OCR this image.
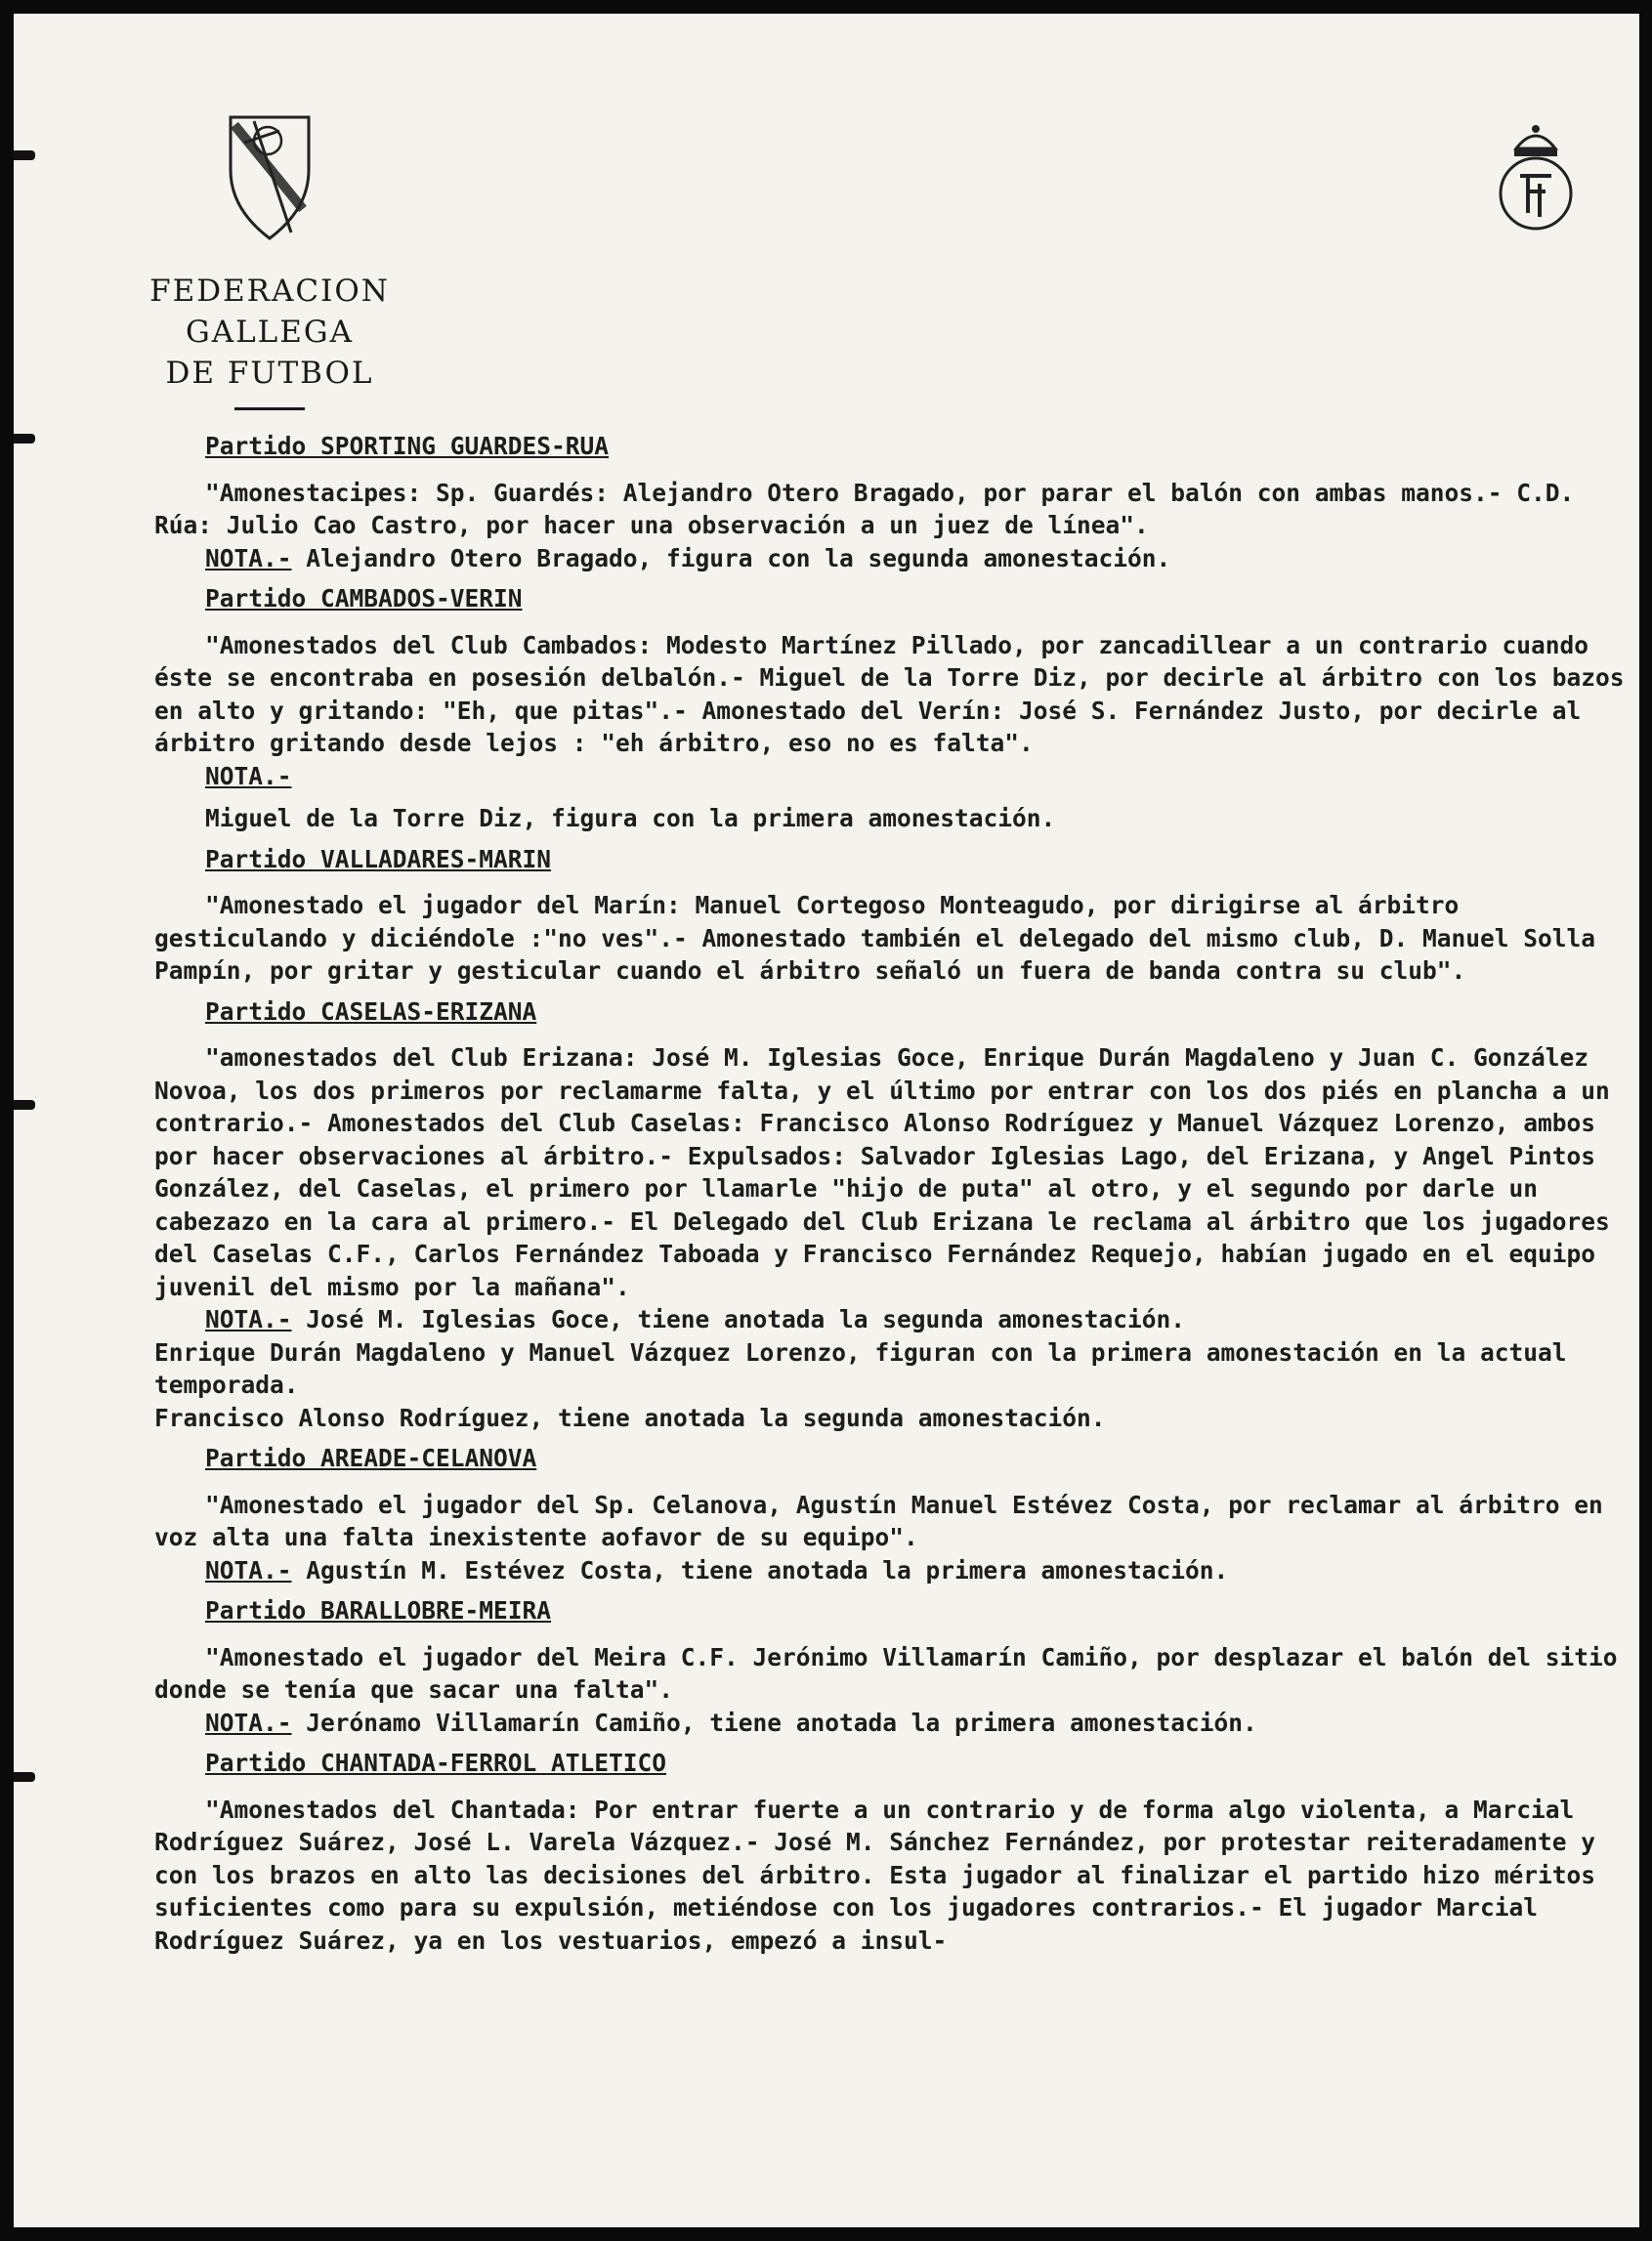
FEDERACION GALLEGA
DE FUTBOL
Partido SPORTING GUARDES-RUA
"Amonestacipes: Sp. Guardés: Alejandro Otero Bragado, por parar el balón con ambas manos.- C.D. Rúa: Julio Cao Castro, por hacer una observación a un juez de línea".
NOTA.- Alejandro Otero Bragado, figura con la segunda amonestación.
Partido CAMBADOS-VERIN
"Amonestados del Club Cambados: Modesto Martínez Pillado, por zancadillear a un contrario cuando éste se encontraba en posesión delbalón.- Miguel de la Torre Diz, por decirle al árbitro con los bazos en alto y gritando: "Eh, que pitas".- Amonestado del Verín: José S. Fernández Justo, por decirle al árbitro gritando desde lejos : "eh árbitro, eso no es falta".
NOTA.-
Miguel de la Torre Diz, figura con la primera amonestación.
Partido VALLADARES-MARIN
"Amonestado el jugador del Marín: Manuel Cortegoso Monteagudo, por dirigirse al árbitro gesticulando y diciéndole :"no ves".- Amonestado también el delegado del mismo club, D. Manuel Solla Pampín, por gritar y gesticular cuando el árbitro señaló un fuera de banda contra su club".
Partido CASELAS-ERIZANA
"amonestados del Club Erizana: José M. Iglesias Goce, Enrique Durán Magdaleno y Juan C. González Novoa, los dos primeros por reclamarme falta, y el último por entrar con los dos piés en plancha a un contrario.- Amonestados del Club Caselas: Francisco Alonso Rodríguez y Manuel Vázquez Lorenzo, ambos por hacer observaciones al árbitro.- Expulsados: Salvador Iglesias Lago, del Erizana, y Angel Pintos González, del Caselas, el primero por llamarle "hijo de puta" al otro, y el segundo por darle un cabezazo en la cara al primero.- El Delegado del Club Erizana le reclama al árbitro que los jugadores del Caselas C.F., Carlos Fernández Taboada y Francisco Fernández Requejo, habían jugado en el equipo juvenil del mismo por la mañana".
NOTA.- José M. Iglesias Goce, tiene anotada la segunda amonestación.
Enrique Durán Magdaleno y Manuel Vázquez Lorenzo, figuran con la primera amonestación en la actual temporada.
Francisco Alonso Rodríguez, tiene anotada la segunda amonestación.
Partido AREADE-CELANOVA
"Amonestado el jugador del Sp. Celanova, Agustín Manuel Estévez Costa, por reclamar al árbitro en voz alta una falta inexistente aofavor de su equipo".
NOTA.- Agustín M. Estévez Costa, tiene anotada la primera amonestación.
Partido BARALLOBRE-MEIRA
"Amonestado el jugador del Meira C.F. Jerónimo Villamarín Camiño, por desplazar el balón del sitio donde se tenía que sacar una falta".
NOTA.- Jerónamo Villamarín Camiño, tiene anotada la primera amonestación.
Partido CHANTADA-FERROL ATLETICO
"Amonestados del Chantada: Por entrar fuerte a un contrario y de forma algo violenta, a Marcial Rodríguez Suárez, José L. Varela Vázquez.- José M. Sánchez Fernández, por protestar reiteradamente y con los brazos en alto las decisiones del árbitro. Esta jugador al finalizar el partido hizo méritos suficientes como para su expulsión, metiéndose con los jugadores contrarios.- El jugador Marcial Rodríguez Suárez, ya en los vestuarios, empezó a insul-
